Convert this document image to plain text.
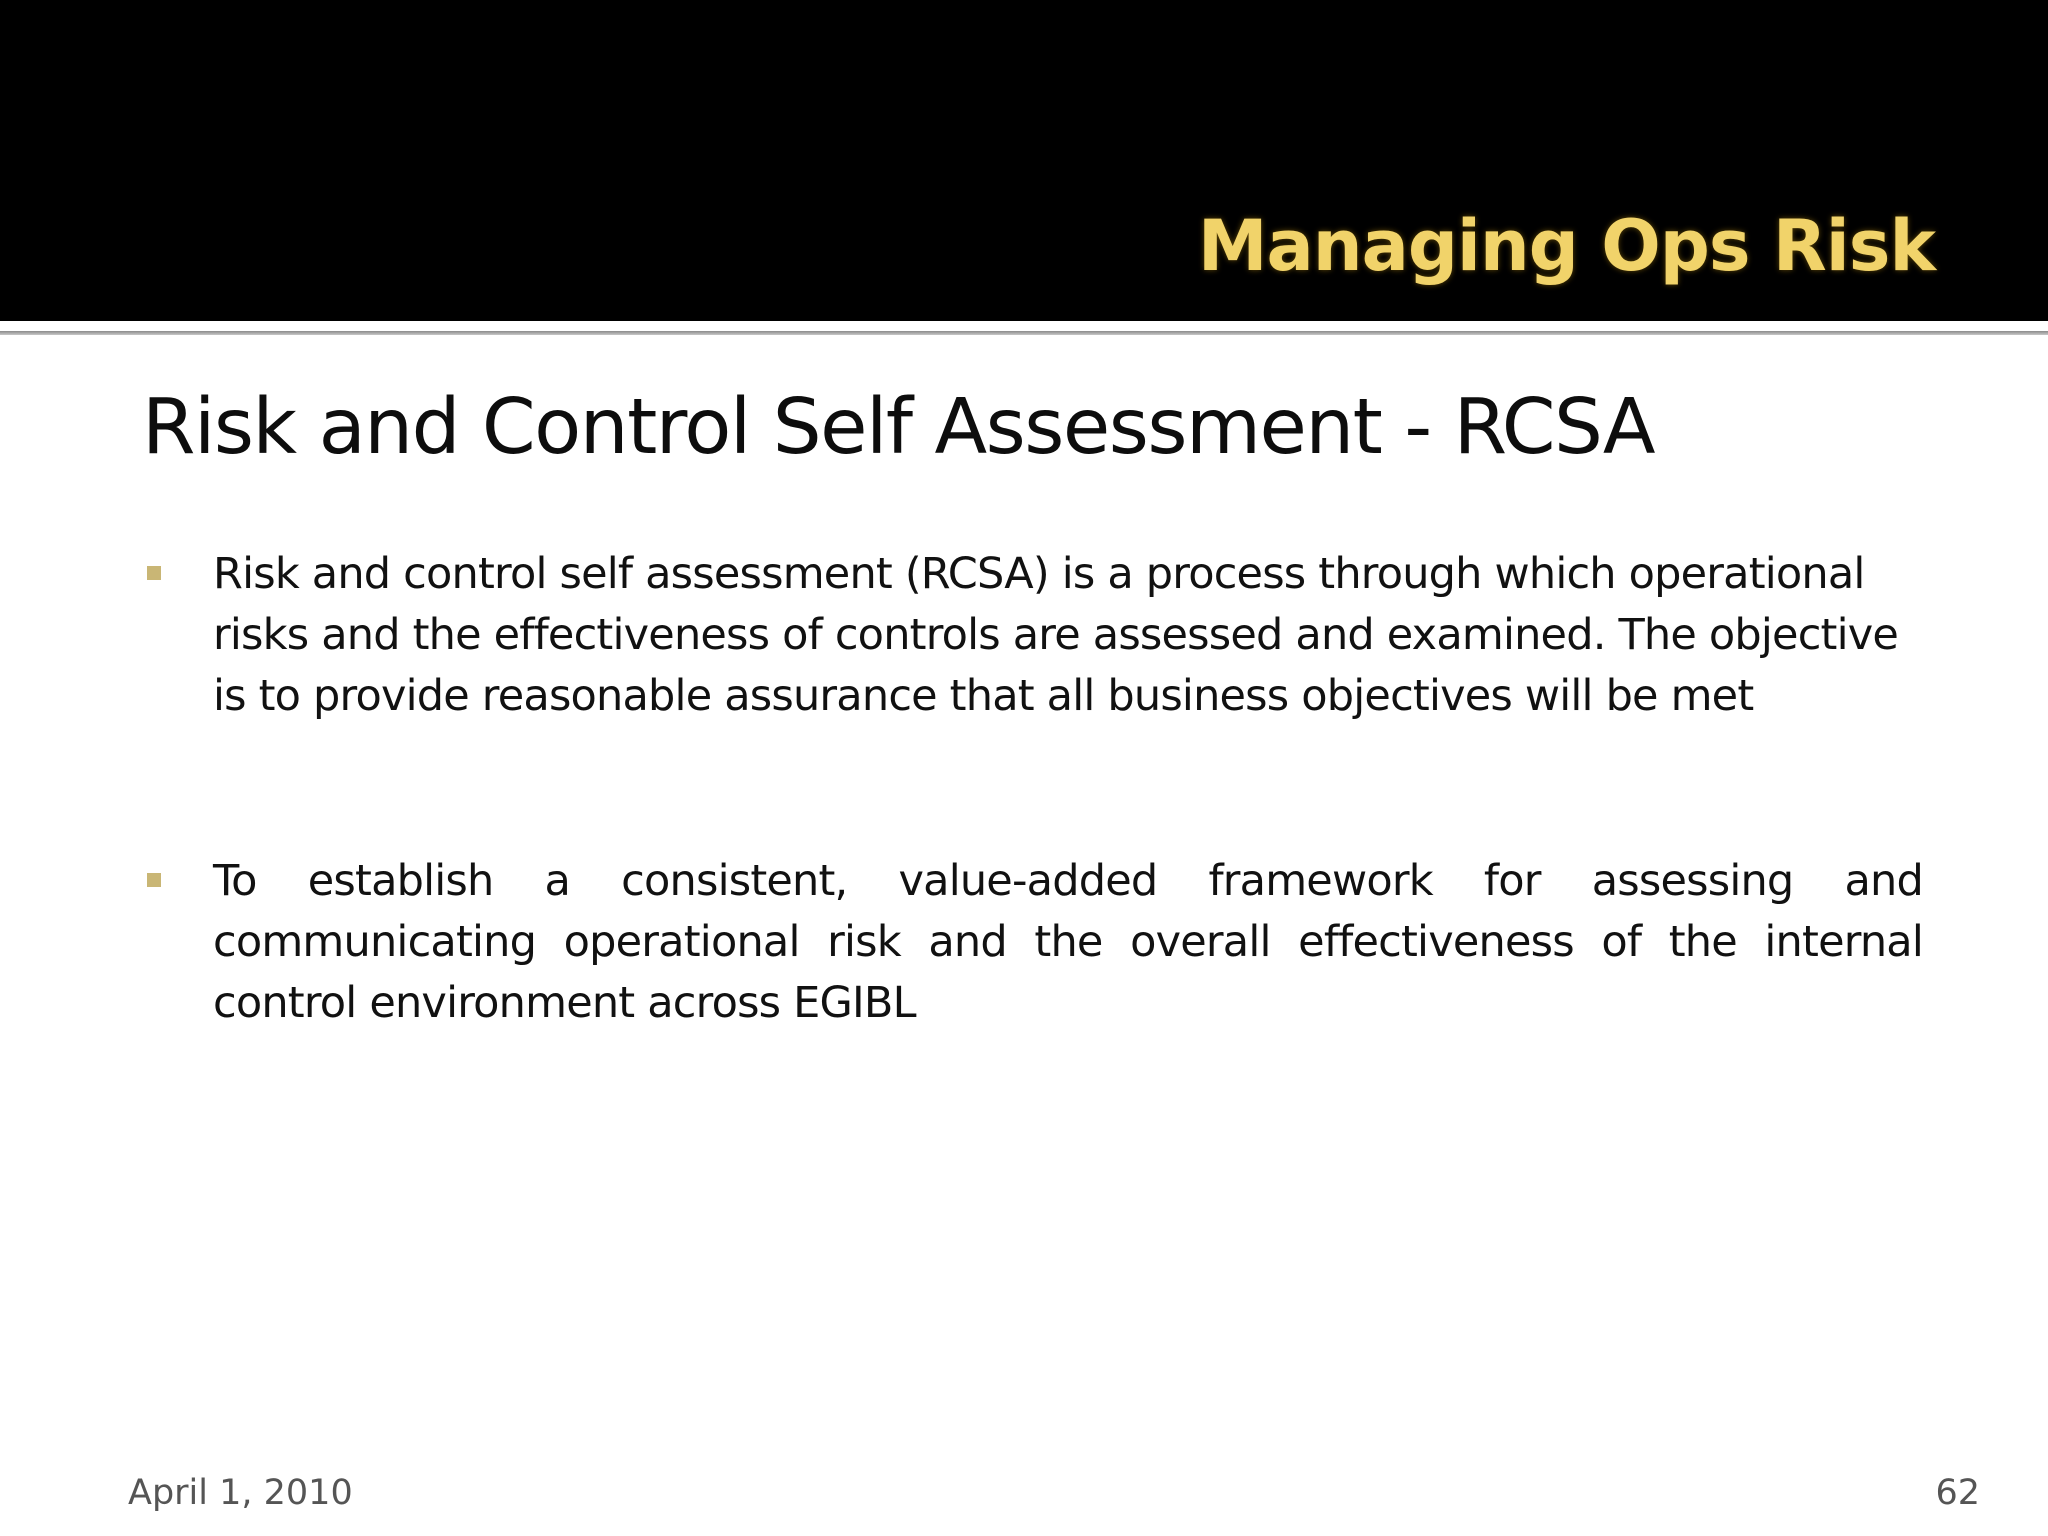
Managing Ops Risk
Risk and Control Self Assessment - RCSA
Risk and control self assessment (RCSA) is a process through which operational risks and the effectiveness of controls are assessed and examined. The objective is to provide reasonable assurance that all business objectives will be met
To establish a consistent, value-added framework for assessing and communicating operational risk and the overall effectiveness of the internal control environment across EGIBL
April 1, 2010	62
